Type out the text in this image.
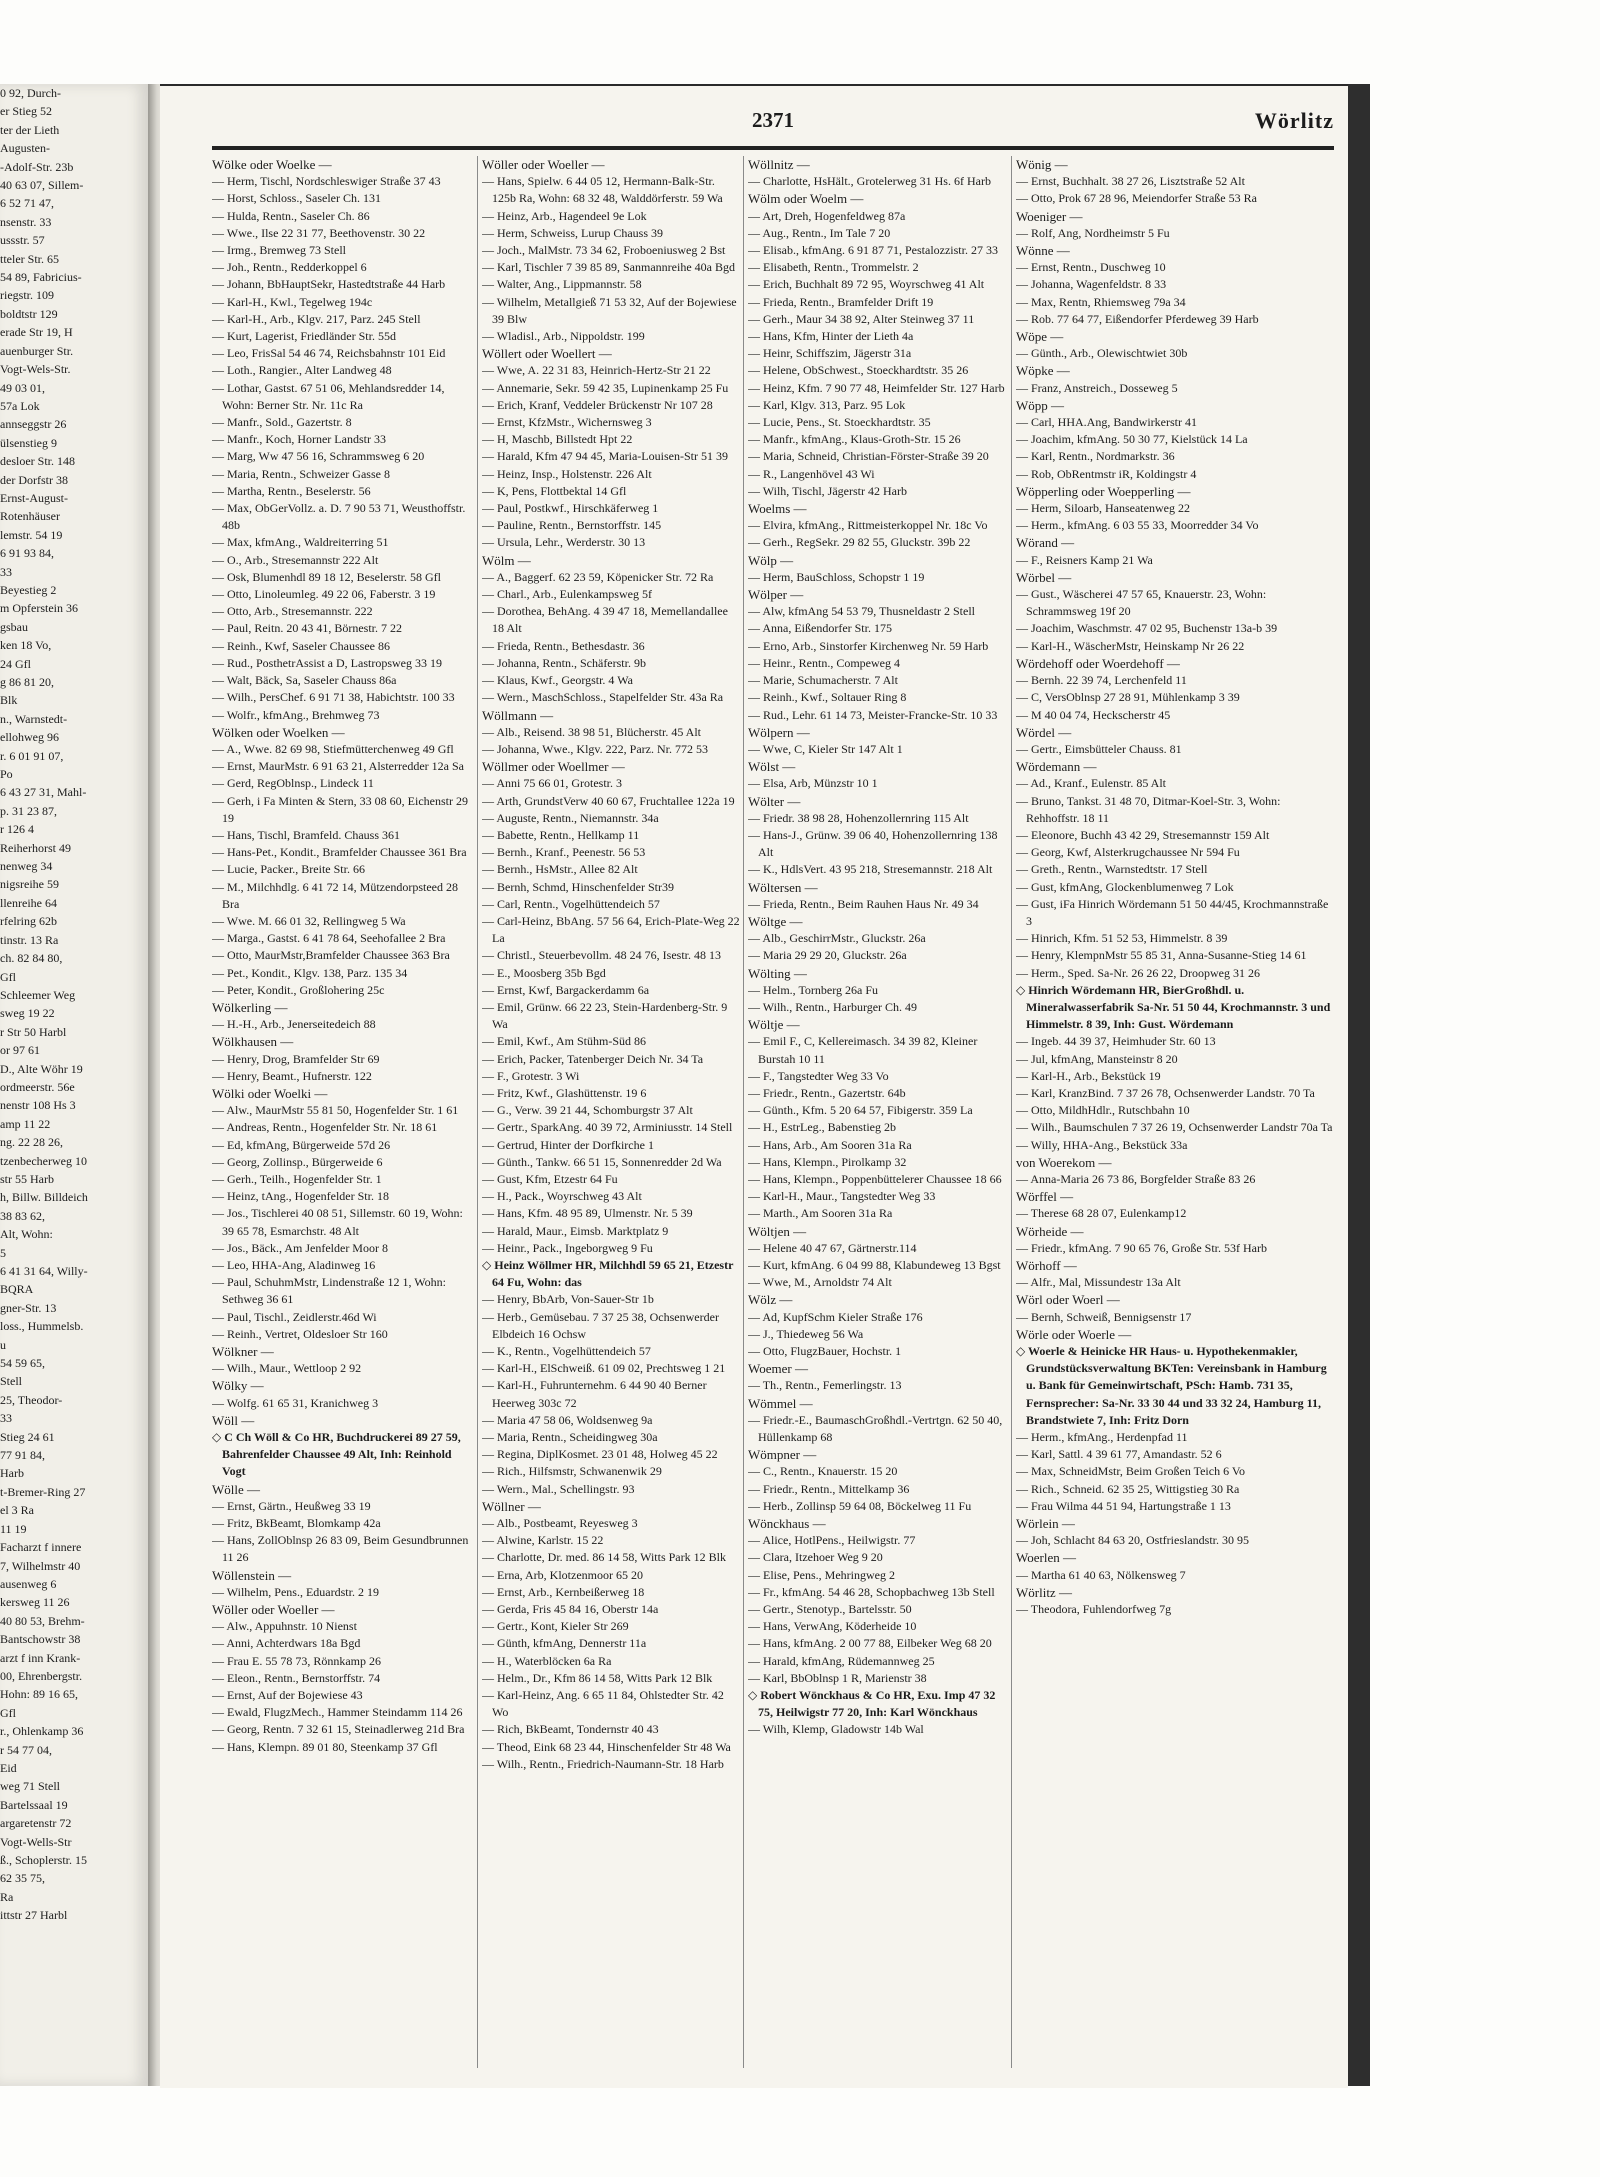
0 92, Durch-
er Stieg 52
ter der Lieth
Augusten-
-Adolf-Str. 23b
40 63 07, Sillem-
6 52 71 47,
nsenstr. 33
ussstr. 57
tteler Str. 65
54 89, Fabricius-
riegstr. 109
boldtstr 129
erade Str 19, H
auenburger Str.
Vogt-Wels-Str.
49 03 01,
57a Lok
annseggstr 26
ülsenstieg 9
desloer Str. 148
der Dorfstr 38
Ernst-August-
Rotenhäuser
lemstr. 54 19
6 91 93 84,
33
Beyestieg 2
m Opferstein 36
gsbau
ken 18 Vo,
24 Gfl
g 86 81 20,
Blk
n., Warnstedt-
ellohweg 96
r. 6 01 91 07,
Po
6 43 27 31, Mahl-
p. 31 23 87,
r 126 4
Reiherhorst 49
nenweg 34
nigsreihe 59
llenreihe 64
rfelring 62b
tinstr. 13 Ra
ch. 82 84 80,
Gfl
Schleemer Weg
sweg 19 22
r Str 50 Harbl
or 97 61
D., Alte Wöhr 19
ordmeerstr. 56e
nenstr 108 Hs 3
amp 11 22
ng. 22 28 26,
tzenbecherweg 10
str 55 Harb
h, Billw. Billdeich
38 83 62,
Alt, Wohn:
5
6 41 31 64, Willy-
BQRA
gner-Str. 13
loss., Hummelsb.
u
54 59 65,
Stell
25, Theodor-
33
Stieg 24 61
77 91 84,
Harb
t-Bremer-Ring 27
el 3 Ra
11 19
Facharzt f innere
7, Wilhelmstr 40
ausenweg 6
kersweg 11 26
40 80 53, Brehm-
Bantschowstr 38
arzt f inn Krank-
00, Ehrenbergstr.
Hohn: 89 16 65,
Gfl
r., Ohlenkamp 36
r 54 77 04,
Eid
weg 71 Stell
Bartelssaal 19
argaretenstr 72
Vogt-Wells-Str
ß., Schoplerstr. 15
62 35 75,
Ra
ittstr 27 Harbl
2371	Wörlitz
Wölke oder Woelke —
— Herm, Tischl, Nordschleswiger Straße 37 43
— Horst, Schloss., Saseler Ch. 131
— Hulda, Rentn., Saseler Ch. 86
— Wwe., Ilse 22 31 77, Beethovenstr. 30 22
— Irmg., Bremweg 73 Stell
— Joh., Rentn., Redderkoppel 6
— Johann, BbHauptSekr, Hastedtstraße 44 Harb
— Karl-H., Kwl., Tegelweg 194c
— Karl-H., Arb., Klgv. 217, Parz. 245 Stell
— Kurt, Lagerist, Friedländer Str. 55d
— Leo, FrisSal 54 46 74, Reichsbahnstr 101 Eid
— Loth., Rangier., Alter Landweg 48
— Lothar, Gastst. 67 51 06, Mehlandsredder 14, Wohn: Berner Str. Nr. 11c Ra
— Manfr., Sold., Gazertstr. 8
— Manfr., Koch, Horner Landstr 33
— Marg, Ww 47 56 16, Schrammsweg 6 20
— Maria, Rentn., Schweizer Gasse 8
— Martha, Rentn., Beselerstr. 56
— Max, ObGerVollz. a. D. 7 90 53 71, Weusthoffstr. 48b
— Max, kfmAng., Waldreiterring 51
— O., Arb., Stresemannstr 222 Alt
— Osk, Blumenhdl 89 18 12, Beselerstr. 58 Gfl
— Otto, Linoleumleg. 49 22 06, Faberstr. 3 19
— Otto, Arb., Stresemannstr. 222
— Paul, Reitn. 20 43 41, Börnestr. 7 22
— Reinh., Kwf, Saseler Chaussee 86
— Rud., PosthetrAssist a D, Lastropsweg 33 19
— Walt, Bäck, Sa, Saseler Chauss 86a
— Wilh., PersChef. 6 91 71 38, Habichtstr. 100 33
— Wolfr., kfmAng., Brehmweg 73
Wölken oder Woelken —
— A., Wwe. 82 69 98, Stiefmütterchenweg 49 Gfl
— Ernst, MaurMstr. 6 91 63 21, Alsterredder 12a Sa
— Gerd, RegOblnsp., Lindeck 11
— Gerh, i Fa Minten & Stern, 33 08 60, Eichenstr 29 19
— Hans, Tischl, Bramfeld. Chauss 361
— Hans-Pet., Kondit., Bramfelder Chaussee 361 Bra
— Lucie, Packer., Breite Str. 66
— M., Milchhdlg. 6 41 72 14, Mützendorpsteed 28 Bra
— Wwe. M. 66 01 32, Rellingweg 5 Wa
— Marga., Gastst. 6 41 78 64, Seehofallee 2 Bra
— Otto, MaurMstr,Bramfelder Chaussee 363 Bra
— Pet., Kondit., Klgv. 138, Parz. 135 34
— Peter, Kondit., Großlohering 25c
Wölkerling —
— H.-H., Arb., Jenerseitedeich 88
Wölkhausen —
— Henry, Drog, Bramfelder Str 69
— Henry, Beamt., Hufnerstr. 122
Wölki oder Woelki —
— Alw., MaurMstr 55 81 50, Hogenfelder Str. 1 61
— Andreas, Rentn., Hogenfelder Str. Nr. 18 61
— Ed, kfmAng, Bürgerweide 57d 26
— Georg, Zollinsp., Bürgerweide 6
— Gerh., Teilh., Hogenfelder Str. 1
— Heinz, tAng., Hogenfelder Str. 18
— Jos., Tischlerei 40 08 51, Sillemstr. 60 19, Wohn: 39 65 78, Esmarchstr. 48 Alt
— Jos., Bäck., Am Jenfelder Moor 8
— Leo, HHA-Ang, Aladinweg 16
— Paul, SchuhmMstr, Lindenstraße 12 1, Wohn: Sethweg 36 61
— Paul, Tischl., Zeidlerstr.46d Wi
— Reinh., Vertret, Oldesloer Str 160
Wölkner —
— Wilh., Maur., Wettloop 2 92
Wölky —
— Wolfg. 61 65 31, Kranichweg 3
Wöll —
◇ C Ch Wöll & Co HR, Buchdruckerei 89 27 59, Bahrenfelder Chaussee 49 Alt, Inh: Reinhold Vogt
Wölle —
— Ernst, Gärtn., Heußweg 33 19
— Fritz, BkBeamt, Blomkamp 42a
— Hans, ZollOblnsp 26 83 09, Beim Gesundbrunnen 11 26
Wöllenstein —
— Wilhelm, Pens., Eduardstr. 2 19
Wöller oder Woeller —
— Alw., Appuhnstr. 10 Nienst
— Anni, Achterdwars 18a Bgd
— Frau E. 55 78 73, Rönnkamp 26
— Eleon., Rentn., Bernstorffstr. 74
— Ernst, Auf der Bojewiese 43
— Ewald, FlugzMech., Hammer Steindamm 114 26
— Georg, Rentn. 7 32 61 15, Steinadlerweg 21d Bra
— Hans, Klempn. 89 01 80, Steenkamp 37 Gfl
Wöller oder Woeller —
— Hans, Spielw. 6 44 05 12, Hermann-Balk-Str. 125b Ra, Wohn: 68 32 48, Walddörferstr. 59 Wa
— Heinz, Arb., Hagendeel 9e Lok
— Herm, Schweiss, Lurup Chauss 39
— Joch., MalMstr. 73 34 62, Froboeniusweg 2 Bst
— Karl, Tischler 7 39 85 89, Sanmannreihe 40a Bgd
— Walter, Ang., Lippmannstr. 58
— Wilhelm, Metallgieß 71 53 32, Auf der Bojewiese 39 Blw
— Wladisl., Arb., Nippoldstr. 199
Wöllert oder Woellert —
— Wwe, A. 22 31 83, Heinrich-Hertz-Str 21 22
— Annemarie, Sekr. 59 42 35, Lupinenkamp 25 Fu
— Erich, Kranf, Veddeler Brückenstr Nr 107 28
— Ernst, KfzMstr., Wichernsweg 3
— H, Maschb, Billstedt Hpt 22
— Harald, Kfm 47 94 45, Maria-Louisen-Str 51 39
— Heinz, Insp., Holstenstr. 226 Alt
— K, Pens, Flottbektal 14 Gfl
— Paul, Postkwf., Hirschkäferweg 1
— Pauline, Rentn., Bernstorffstr. 145
— Ursula, Lehr., Werderstr. 30 13
Wölm —
— A., Baggerf. 62 23 59, Köpenicker Str. 72 Ra
— Charl., Arb., Eulenkampsweg 5f
— Dorothea, BehAng. 4 39 47 18, Memellandallee 18 Alt
— Frieda, Rentn., Bethesdastr. 36
— Johanna, Rentn., Schäferstr. 9b
— Klaus, Kwf., Georgstr. 4 Wa
— Wern., MaschSchloss., Stapelfelder Str. 43a Ra
Wöllmann —
— Alb., Reisend. 38 98 51, Blücherstr. 45 Alt
— Johanna, Wwe., Klgv. 222, Parz. Nr. 772 53
Wöllmer oder Woellmer —
— Anni 75 66 01, Grotestr. 3
— Arth, GrundstVerw 40 60 67, Fruchtallee 122a 19
— Auguste, Rentn., Niemannstr. 34a
— Babette, Rentn., Hellkamp 11
— Bernh., Kranf., Peenestr. 56 53
— Bernh., HsMstr., Allee 82 Alt
— Bernh, Schmd, Hinschenfelder Str39
— Carl, Rentn., Vogelhüttendeich 57
— Carl-Heinz, BbAng. 57 56 64, Erich-Plate-Weg 22 La
— Christl., Steuerbevollm. 48 24 76, Isestr. 48 13
— E., Moosberg 35b Bgd
— Ernst, Kwf, Bargackerdamm 6a
— Emil, Grünw. 66 22 23, Stein-Hardenberg-Str. 9 Wa
— Emil, Kwf., Am Stühm-Süd 86
— Erich, Packer, Tatenberger Deich Nr. 34 Ta
— F., Grotestr. 3 Wi
— Fritz, Kwf., Glashüttenstr. 19 6
— G., Verw. 39 21 44, Schomburgstr 37 Alt
— Gertr., SparkAng. 40 39 72, Arminiusstr. 14 Stell
— Gertrud, Hinter der Dorfkirche 1
— Günth., Tankw. 66 51 15, Sonnenredder 2d Wa
— Gust, Kfm, Etzestr 64 Fu
— H., Pack., Woyrschweg 43 Alt
— Hans, Kfm. 48 95 89, Ulmenstr. Nr. 5 39
— Harald, Maur., Eimsb. Marktplatz 9
— Heinr., Pack., Ingeborgweg 9 Fu
◇ Heinz Wöllmer HR, Milchhdl 59 65 21, Etzestr 64 Fu, Wohn: das
— Henry, BbArb, Von-Sauer-Str 1b
— Herb., Gemüsebau. 7 37 25 38, Ochsenwerder Elbdeich 16 Ochsw
— K., Rentn., Vogelhüttendeich 57
— Karl-H., ElSchweiß. 61 09 02, Prechtsweg 1 21
— Karl-H., Fuhrunternehm. 6 44 90 40 Berner Heerweg 303c 72
— Maria 47 58 06, Woldsenweg 9a
— Maria, Rentn., Scheidingweg 30a
— Regina, DiplKosmet. 23 01 48, Holweg 45 22
— Rich., Hilfsmstr, Schwanenwik 29
— Wern., Mal., Schellingstr. 93
Wöllner —
— Alb., Postbeamt, Reyesweg 3
— Alwine, Karlstr. 15 22
— Charlotte, Dr. med. 86 14 58, Witts Park 12 Blk
— Erna, Arb, Klotzenmoor 65 20
— Ernst, Arb., Kernbeißerweg 18
— Gerda, Fris 45 84 16, Oberstr 14a
— Gertr., Kont, Kieler Str 269
— Günth, kfmAng, Dennerstr 11a
— H., Waterblöcken 6a Ra
— Helm., Dr., Kfm 86 14 58, Witts Park 12 Blk
— Karl-Heinz, Ang. 6 65 11 84, Ohlstedter Str. 42 Wo
— Rich, BkBeamt, Tondernstr 40 43
— Theod, Eink 68 23 44, Hinschenfelder Str 48 Wa
— Wilh., Rentn., Friedrich-Naumann-Str. 18 Harb
Wöllnitz —
— Charlotte, HsHält., Grotelerweg 31 Hs. 6f Harb
Wölm oder Woelm —
— Art, Dreh, Hogenfeldweg 87a
— Aug., Rentn., Im Tale 7 20
— Elisab., kfmAng. 6 91 87 71, Pestalozzistr. 27 33
— Elisabeth, Rentn., Trommelstr. 2
— Erich, Buchhalt 89 72 95, Woyrschweg 41 Alt
— Frieda, Rentn., Bramfelder Drift 19
— Gerh., Maur 34 38 92, Alter Steinweg 37 11
— Hans, Kfm, Hinter der Lieth 4a
— Heinr, Schiffszim, Jägerstr 31a
— Helene, ObSchwest., Stoeckhardtstr. 35 26
— Heinz, Kfm. 7 90 77 48, Heimfelder Str. 127 Harb
— Karl, Klgv. 313, Parz. 95 Lok
— Lucie, Pens., St. Stoeckhardtstr. 35
— Manfr., kfmAng., Klaus-Groth-Str. 15 26
— Maria, Schneid, Christian-Förster-Straße 39 20
— R., Langenhövel 43 Wi
— Wilh, Tischl, Jägerstr 42 Harb
Woelms —
— Elvira, kfmAng., Rittmeisterkoppel Nr. 18c Vo
— Gerh., RegSekr. 29 82 55, Gluckstr. 39b 22
Wölp —
— Herm, BauSchloss, Schopstr 1 19
Wölper —
— Alw, kfmAng 54 53 79, Thusneldastr 2 Stell
— Anna, Eißendorfer Str. 175
— Erno, Arb., Sinstorfer Kirchenweg Nr. 59 Harb
— Heinr., Rentn., Compeweg 4
— Marie, Schumacherstr. 7 Alt
— Reinh., Kwf., Soltauer Ring 8
— Rud., Lehr. 61 14 73, Meister-Francke-Str. 10 33
Wölpern —
— Wwe, C, Kieler Str 147 Alt 1
Wölst —
— Elsa, Arb, Münzstr 10 1
Wölter —
— Friedr. 38 98 28, Hohenzollernring 115 Alt
— Hans-J., Grünw. 39 06 40, Hohenzollernring 138 Alt
— K., HdlsVert. 43 95 218, Stresemannstr. 218 Alt
Wöltersen —
— Frieda, Rentn., Beim Rauhen Haus Nr. 49 34
Wöltge —
— Alb., GeschirrMstr., Gluckstr. 26a
— Maria 29 29 20, Gluckstr. 26a
Wölting —
— Helm., Tornberg 26a Fu
— Wilh., Rentn., Harburger Ch. 49
Wöltje —
— Emil F., C, Kellereimasch. 34 39 82, Kleiner Burstah 10 11
— F., Tangstedter Weg 33 Vo
— Friedr., Rentn., Gazertstr. 64b
— Günth., Kfm. 5 20 64 57, Fibigerstr. 359 La
— H., EstrLeg., Babenstieg 2b
— Hans, Arb., Am Sooren 31a Ra
— Hans, Klempn., Pirolkamp 32
— Hans, Klempn., Poppenbüttelerer Chaussee 18 66
— Karl-H., Maur., Tangstedter Weg 33
— Marth., Am Sooren 31a Ra
Wöltjen —
— Helene 40 47 67, Gärtnerstr.114
— Kurt, kfmAng. 6 04 99 88, Klabundeweg 13 Bgst
— Wwe, M., Arnoldstr 74 Alt
Wölz —
— Ad, KupfSchm Kieler Straße 176
— J., Thiedeweg 56 Wa
— Otto, FlugzBauer, Hochstr. 1
Woemer —
— Th., Rentn., Femerlingstr. 13
Wömmel —
— Friedr.-E., BaumaschGroßhdl.-Vertrtgn. 62 50 40, Hüllenkamp 68
Wömpner —
— C., Rentn., Knauerstr. 15 20
— Friedr., Rentn., Mittelkamp 36
— Herb., Zollinsp 59 64 08, Böckelweg 11 Fu
Wönckhaus —
— Alice, HotlPens., Heilwigstr. 77
— Clara, Itzehoer Weg 9 20
— Elise, Pens., Mehringweg 2
— Fr., kfmAng. 54 46 28, Schopbachweg 13b Stell
— Gertr., Stenotyp., Bartelsstr. 50
— Hans, VerwAng, Köderheide 10
— Hans, kfmAng. 2 00 77 88, Eilbeker Weg 68 20
— Harald, kfmAng, Rüdemannweg 25
— Karl, BbOblnsp 1 R, Marienstr 38
◇ Robert Wönckhaus & Co HR, Exu. Imp 47 32 75, Heilwigstr 77 20, Inh: Karl Wönckhaus
— Wilh, Klemp, Gladowstr 14b Wal
Wönig —
— Ernst, Buchhalt. 38 27 26, Lisztstraße 52 Alt
— Otto, Prok 67 28 96, Meiendorfer Straße 53 Ra
Woeniger —
— Rolf, Ang, Nordheimstr 5 Fu
Wönne —
— Ernst, Rentn., Duschweg 10
— Johanna, Wagenfeldstr. 8 33
— Max, Rentn, Rhiemsweg 79a 34
— Rob. 77 64 77, Eißendorfer Pferdeweg 39 Harb
Wöpe —
— Günth., Arb., Olewischtwiet 30b
Wöpke —
— Franz, Anstreich., Dosseweg 5
Wöpp —
— Carl, HHA.Ang, Bandwirkerstr 41
— Joachim, kfmAng. 50 30 77, Kielstück 14 La
— Karl, Rentn., Nordmarkstr. 36
— Rob, ObRentmstr iR, Koldingstr 4
Wöpperling oder Woepperling —
— Herm, Siloarb, Hanseatenweg 22
— Herm., kfmAng. 6 03 55 33, Moorredder 34 Vo
Wörand —
— F., Reisners Kamp 21 Wa
Wörbel —
— Gust., Wäscherei 47 57 65, Knauerstr. 23, Wohn: Schrammsweg 19f 20
— Joachim, Waschmstr. 47 02 95, Buchenstr 13a-b 39
— Karl-H., WäscherMstr, Heinskamp Nr 26 22
Wördehoff oder Woerdehoff —
— Bernh. 22 39 74, Lerchenfeld 11
— C, VersOblnsp 27 28 91, Mühlenkamp 3 39
— M 40 04 74, Heckscherstr 45
Wördel —
— Gertr., Eimsbütteler Chauss. 81
Wördemann —
— Ad., Kranf., Eulenstr. 85 Alt
— Bruno, Tankst. 31 48 70, Ditmar-Koel-Str. 3, Wohn: Rehhoffstr. 18 11
— Eleonore, Buchh 43 42 29, Stresemannstr 159 Alt
— Georg, Kwf, Alsterkrugchaussee Nr 594 Fu
— Greth., Rentn., Warnstedtstr. 17 Stell
— Gust, kfmAng, Glockenblumenweg 7 Lok
— Gust, iFa Hinrich Wördemann 51 50 44/45, Krochmannstraße 3
— Hinrich, Kfm. 51 52 53, Himmelstr. 8 39
— Henry, KlempnMstr 55 85 31, Anna-Susanne-Stieg 14 61
— Herm., Sped. Sa-Nr. 26 26 22, Droopweg 31 26
◇ Hinrich Wördemann HR, BierGroßhdl. u. Mineralwasserfabrik Sa-Nr. 51 50 44, Krochmannstr. 3 und Himmelstr. 8 39, Inh: Gust. Wördemann
— Ingeb. 44 39 37, Heimhuder Str. 60 13
— Jul, kfmAng, Mansteinstr 8 20
— Karl-H., Arb., Bekstück 19
— Karl, KranzBind. 7 37 26 78, Ochsenwerder Landstr. 70 Ta
— Otto, MildhHdlr., Rutschbahn 10
— Wilh., Baumschulen 7 37 26 19, Ochsenwerder Landstr 70a Ta
— Willy, HHA-Ang., Bekstück 33a
von Woerekom —
— Anna-Maria 26 73 86, Borgfelder Straße 83 26
Wörffel —
— Therese 68 28 07, Eulenkamp12
Wörheide —
— Friedr., kfmAng. 7 90 65 76, Große Str. 53f Harb
Wörhoff —
— Alfr., Mal, Missundestr 13a Alt
Wörl oder Woerl —
— Bernh, Schweiß, Bennigsenstr 17
Wörle oder Woerle —
◇ Woerle & Heinicke HR Haus- u. Hypothekenmakler, Grundstücksverwaltung BKTen: Vereinsbank in Hamburg u. Bank für Gemeinwirtschaft, PSch: Hamb. 731 35, Fernsprecher: Sa-Nr. 33 30 44 und 33 32 24, Hamburg 11, Brandstwiete 7, Inh: Fritz Dorn
— Herm., kfmAng., Herdenpfad 11
— Karl, Sattl. 4 39 61 77, Amandastr. 52 6
— Max, SchneidMstr, Beim Großen Teich 6 Vo
— Rich., Schneid. 62 35 25, Wittigstieg 30 Ra
— Frau Wilma 44 51 94, Hartungstraße 1 13
Wörlein —
— Joh, Schlacht 84 63 20, Ostfrieslandstr. 30 95
Woerlen —
— Martha 61 40 63, Nölkensweg 7
Wörlitz —
— Theodora, Fuhlendorfweg 7g
